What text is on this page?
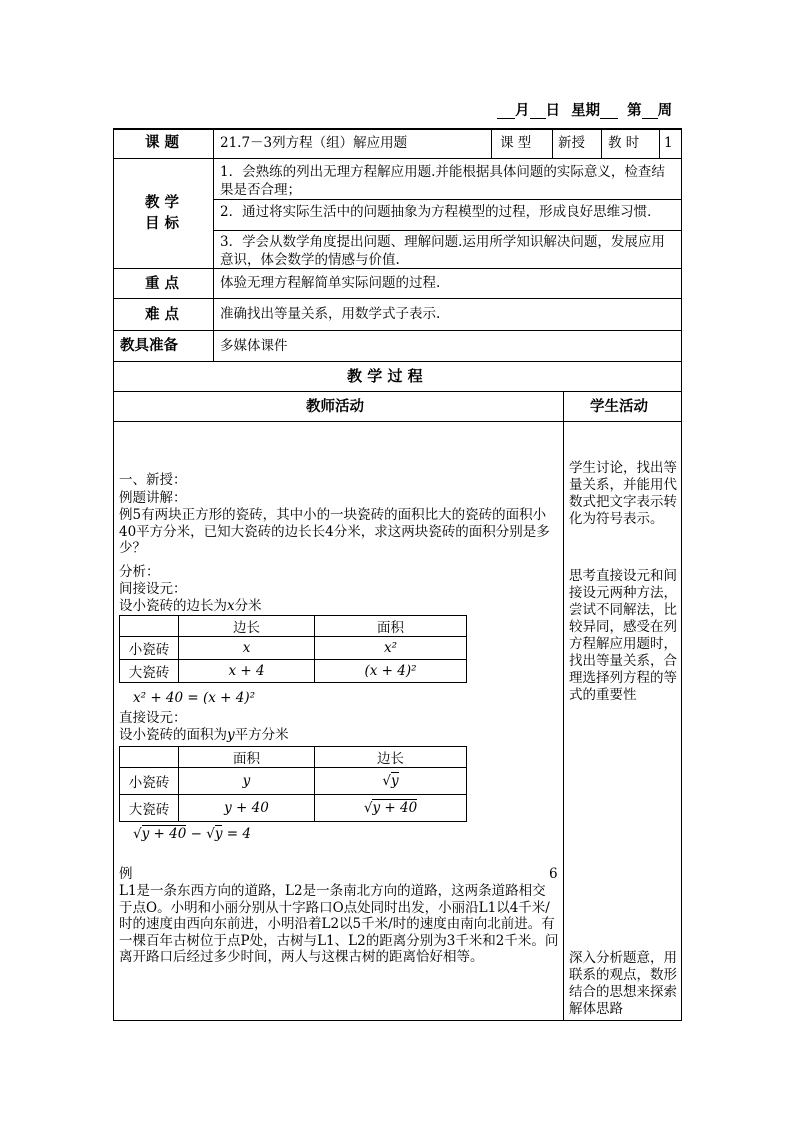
月 日 星期 第 周
课 题	21.7－3列方程（组）解应用题	课 型 新授 教 时 1
教 学
目 标
1．会熟练的列出无理方程解应用题.并能根据具体问题的实际意义，检查结果是否合理；
2．通过将实际生活中的问题抽象为方程模型的过程，形成良好思维习惯．
3．学会从数学角度提出问题、理解问题.运用所学知识解决问题，发展应用意识，体会数学的情感与价值.
重 点	体验无理方程解简单实际问题的过程.
难 点	准确找出等量关系，用数学式子表示.
教具准备	多媒体课件
教 学 过 程
教师活动	学生活动
一、新授：
例题讲解：
例5有两块正方形的瓷砖，其中小的一块瓷砖的面积比大的瓷砖的面积小40平方分米，已知大瓷砖的边长长4分米，求这两块瓷砖的面积分别是多少？
分析：
间接设元：
设小瓷砖的边长为x分米
	边长	面积
小瓷砖	x	x²
大瓷砖	x + 4	(x + 4)²
x² + 40 = (x + 4)²
直接设元：
设小瓷砖的面积为y平方分米
	面积	边长
小瓷砖	y	√y
大瓷砖	y + 40	√y + 40
√y + 40 − √y = 4
例	6
L1是一条东西方向的道路，L2是一条南北方向的道路，这两条道路相交于点O。小明和小丽分别从十字路口O点处同时出发，小丽沿L1以4千米/时的速度由西向东前进，小明沿着L2以5千米/时的速度由南向北前进。有一棵百年古树位于点P处，古树与L1、L2的距离分别为3千米和2千米。问离开路口后经过多少时间，两人与这棵古树的距离恰好相等。
学生讨论，找出等量关系，并能用代数式把文字表示转化为符号表示。
思考直接设元和间接设元两种方法，尝试不同解法，比较异同，感受在列方程解应用题时，找出等量关系，合理选择列方程的等式的重要性
深入分析题意，用联系的观点，数形结合的思想来探索解体思路
